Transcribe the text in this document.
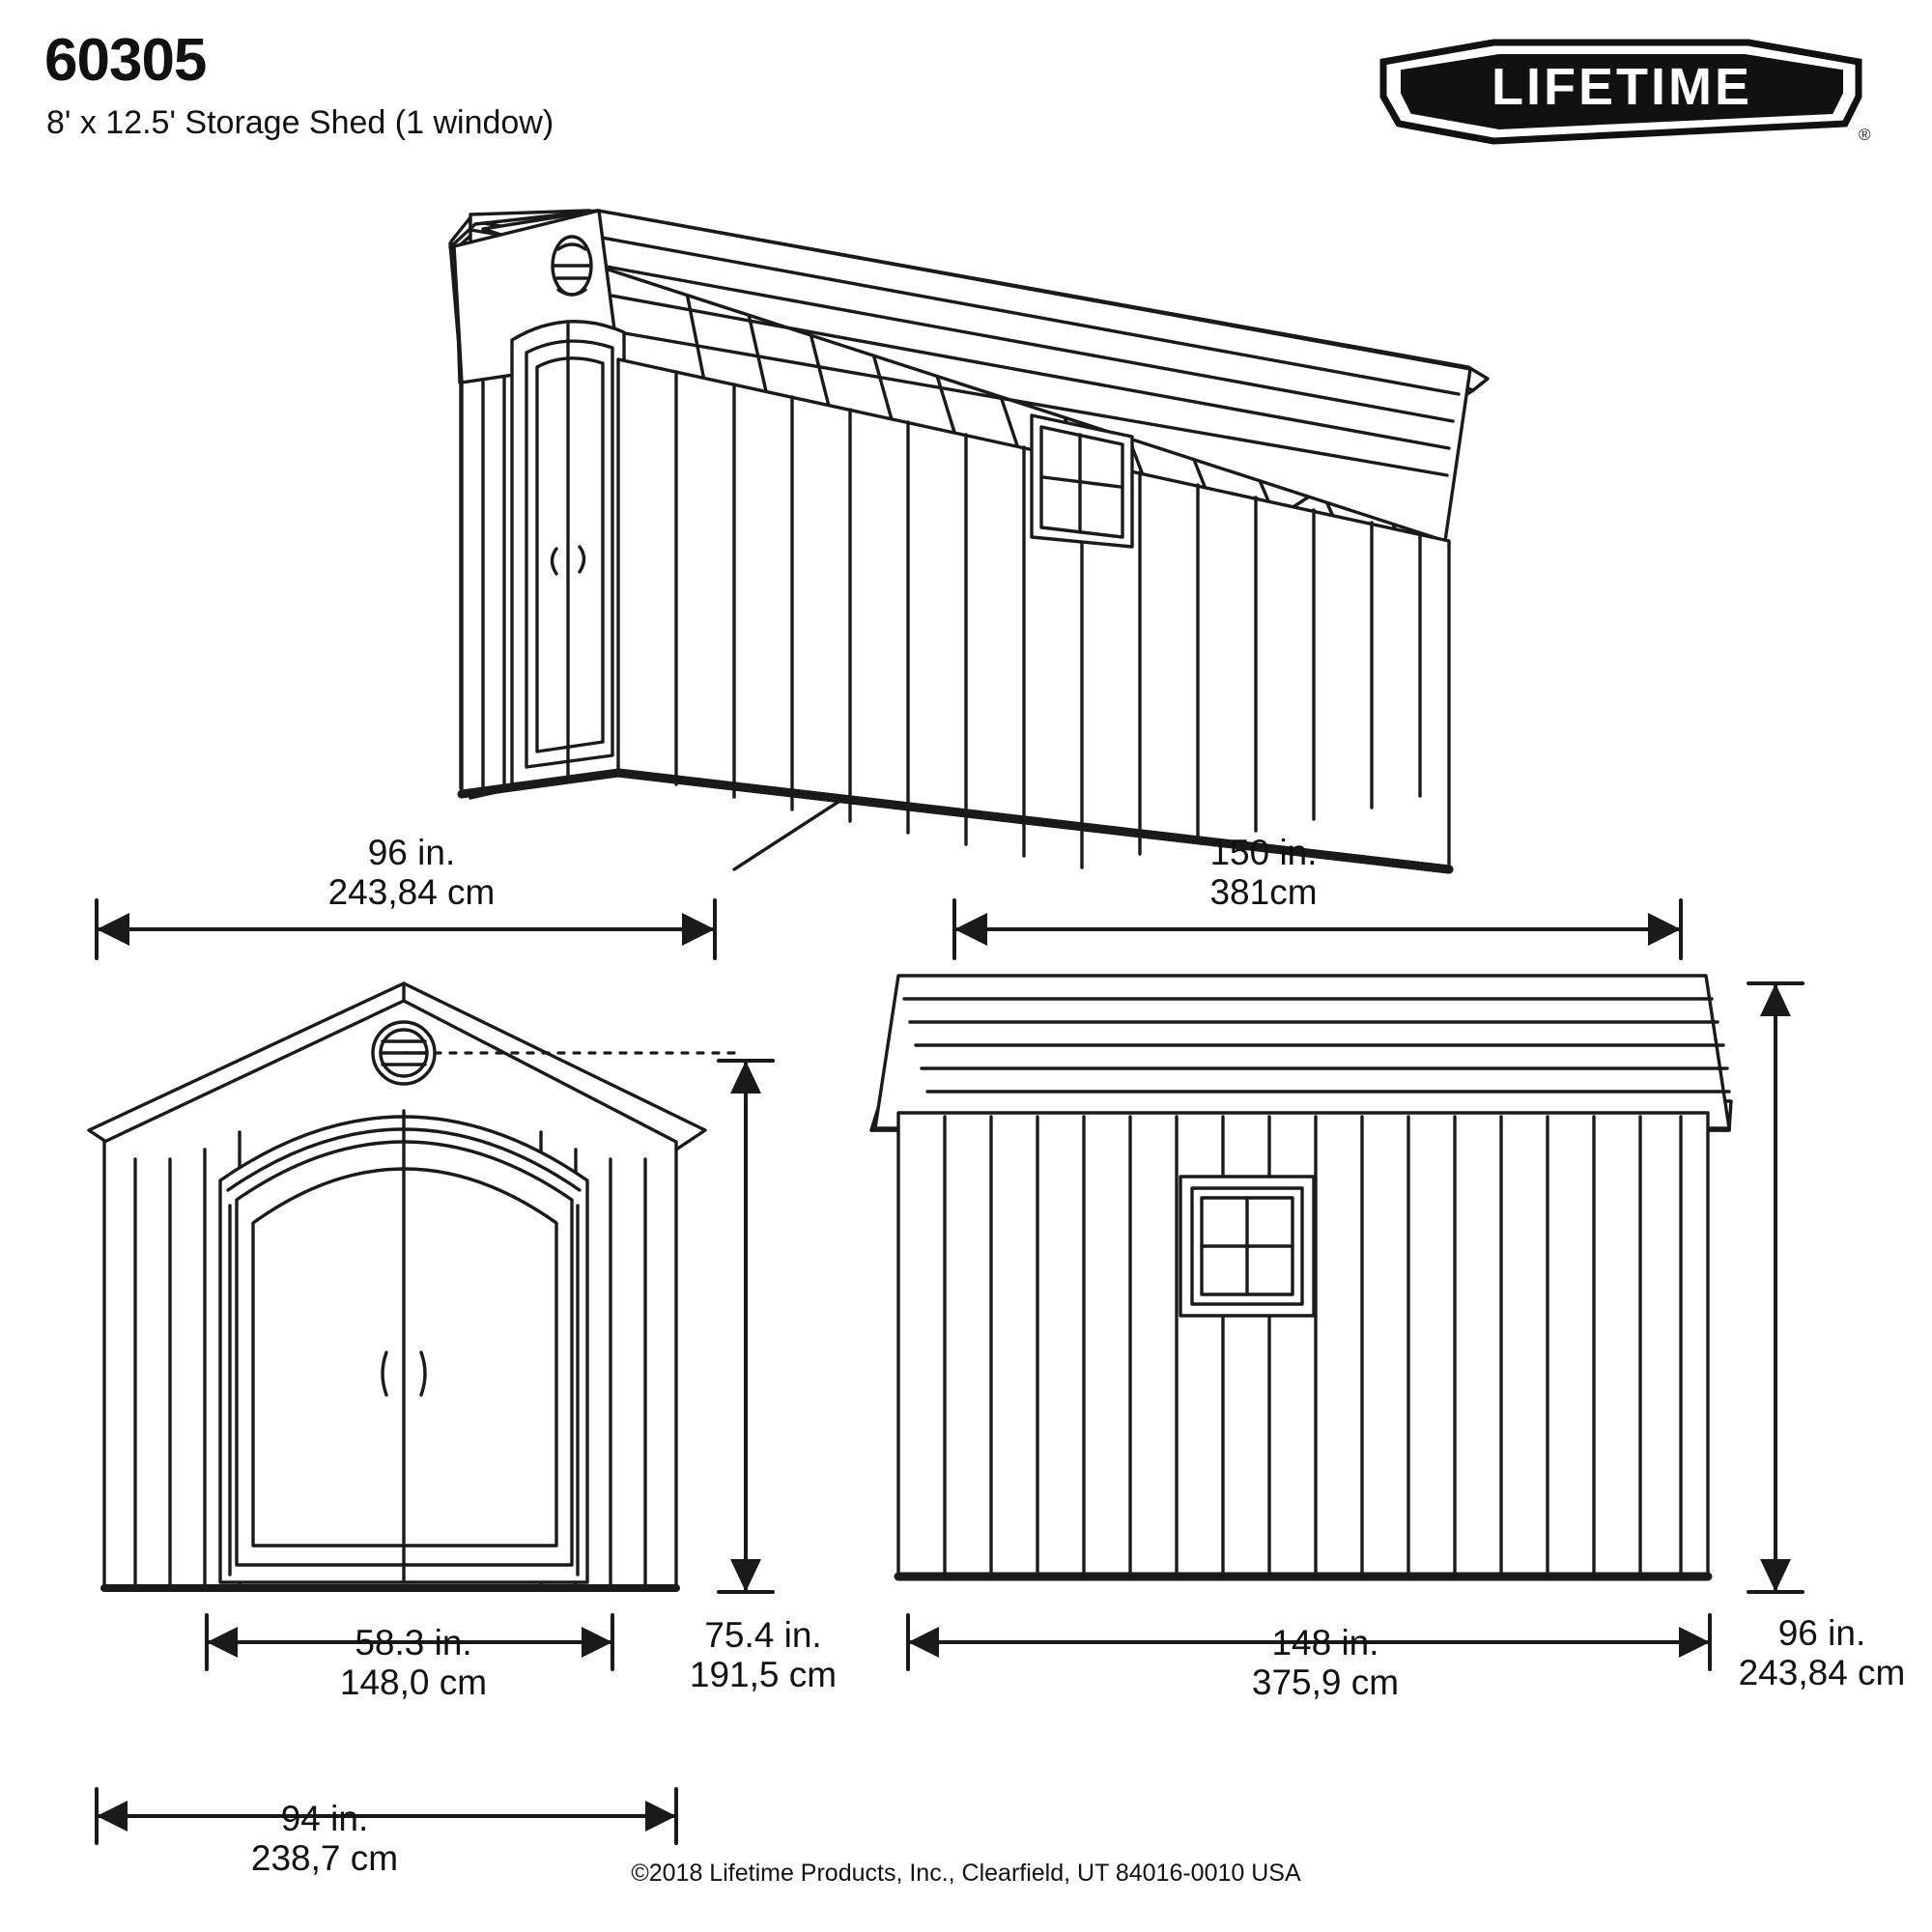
60305
8' x 12.5' Storage Shed (1 window)
LIFETIME
®
96 in.
243,84 cm
150 in.
381cm
58.3 in.
148,0 cm
94 in.
238,7 cm
75.4 in.
191,5 cm
148 in.
375,9 cm
96 in.
243,84 cm
©2018 Lifetime Products, Inc., Clearfield, UT 84016-0010 USA
